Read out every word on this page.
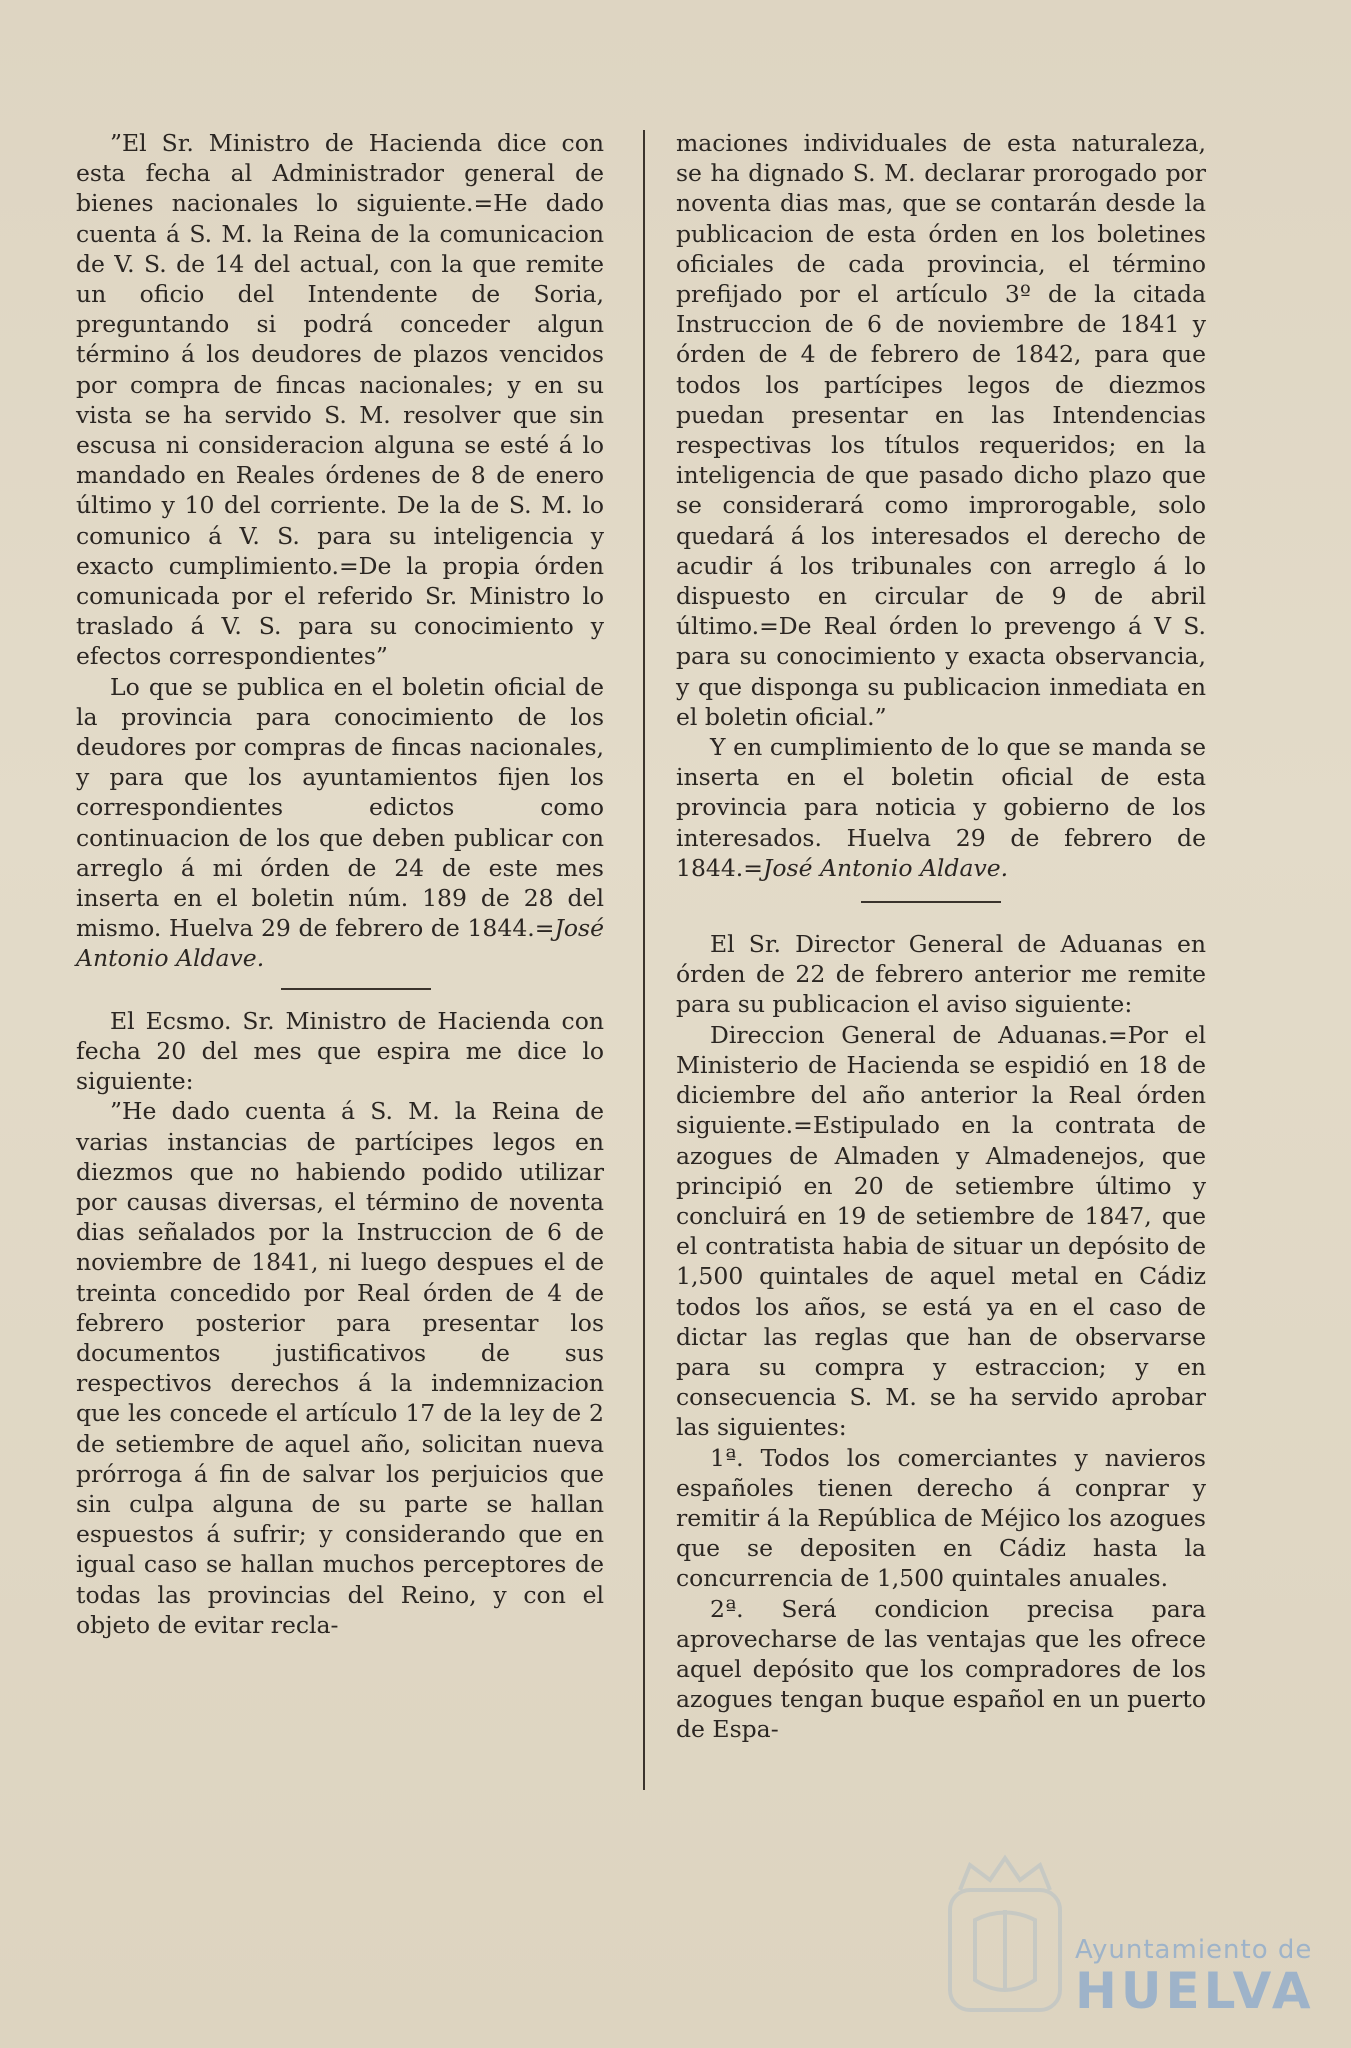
”El Sr. Ministro de Hacienda dice con esta fecha al Administrador general de bienes nacionales lo siguiente.=He dado cuenta á S. M. la Reina de la comunicacion de V. S. de 14 del actual, con la que remite un oficio del Intendente de Soria, preguntando si podrá conceder algun término á los deudores de plazos vencidos por compra de fincas nacionales; y en su vista se ha servido S. M. resolver que sin escusa ni consideracion alguna se esté á lo mandado en Reales órdenes de 8 de enero último y 10 del corriente. De la de S. M. lo comunico á V. S. para su inteligencia y exacto cumplimiento.=De la propia órden comunicada por el referido Sr. Ministro lo traslado á V. S. para su conocimiento y efectos correspondientes”

Lo que se publica en el boletin oficial de la provincia para conocimiento de los deudores por compras de fincas nacionales, y para que los ayuntamientos fijen los correspondientes edictos como continuacion de los que deben publicar con arreglo á mi órden de 24 de este mes inserta en el boletin núm. 189 de 28 del mismo. Huelva 29 de febrero de 1844.=José Antonio Aldave.

El Ecsmo. Sr. Ministro de Hacienda con fecha 20 del mes que espira me dice lo siguiente:

”He dado cuenta á S. M. la Reina de varias instancias de partícipes legos en diezmos que no habiendo podido utilizar por causas diversas, el término de noventa dias señalados por la Instruccion de 6 de noviembre de 1841, ni luego despues el de treinta concedido por Real órden de 4 de febrero posterior para presentar los documentos justificativos de sus respectivos derechos á la indemnizacion que les concede el artículo 17 de la ley de 2 de setiembre de aquel año, solicitan nueva prórroga á fin de salvar los perjuicios que sin culpa alguna de su parte se hallan espuestos á sufrir; y considerando que en igual caso se hallan muchos perceptores de todas las provincias del Reino, y con el objeto de evitar recla-

maciones individuales de esta naturaleza, se ha dignado S. M. declarar prorogado por noventa dias mas, que se contarán desde la publicacion de esta órden en los boletines oficiales de cada provincia, el término prefijado por el artículo 3º de la citada Instruccion de 6 de noviembre de 1841 y órden de 4 de febrero de 1842, para que todos los partícipes legos de diezmos puedan presentar en las Intendencias respectivas los títulos requeridos; en la inteligencia de que pasado dicho plazo que se considerará como improrogable, solo quedará á los interesados el derecho de acudir á los tribunales con arreglo á lo dispuesto en circular de 9 de abril último.=De Real órden lo prevengo á V S. para su conocimiento y exacta observancia, y que disponga su publicacion inmediata en el boletin oficial.”

Y en cumplimiento de lo que se manda se inserta en el boletin oficial de esta provincia para noticia y gobierno de los interesados. Huelva 29 de febrero de 1844.=José Antonio Aldave.

El Sr. Director General de Aduanas en órden de 22 de febrero anterior me remite para su publicacion el aviso siguiente:

Direccion General de Aduanas.=Por el Ministerio de Hacienda se espidió en 18 de diciembre del año anterior la Real órden siguiente.=Estipulado en la contrata de azogues de Almaden y Almadenejos, que principió en 20 de setiembre último y concluirá en 19 de setiembre de 1847, que el contratista habia de situar un depósito de 1,500 quintales de aquel metal en Cádiz todos los años, se está ya en el caso de dictar las reglas que han de observarse para su compra y estraccion; y en consecuencia S. M. se ha servido aprobar las siguientes:

1ª. Todos los comerciantes y navieros españoles tienen derecho á conprar y remitir á la República de Méjico los azogues que se depositen en Cádiz hasta la concurrencia de 1,500 quintales anuales.

2ª. Será condicion precisa para aprovecharse de las ventajas que les ofrece aquel depósito que los compradores de los azogues tengan buque español en un puerto de Espa-

Ayuntamiento de
HUELVA
